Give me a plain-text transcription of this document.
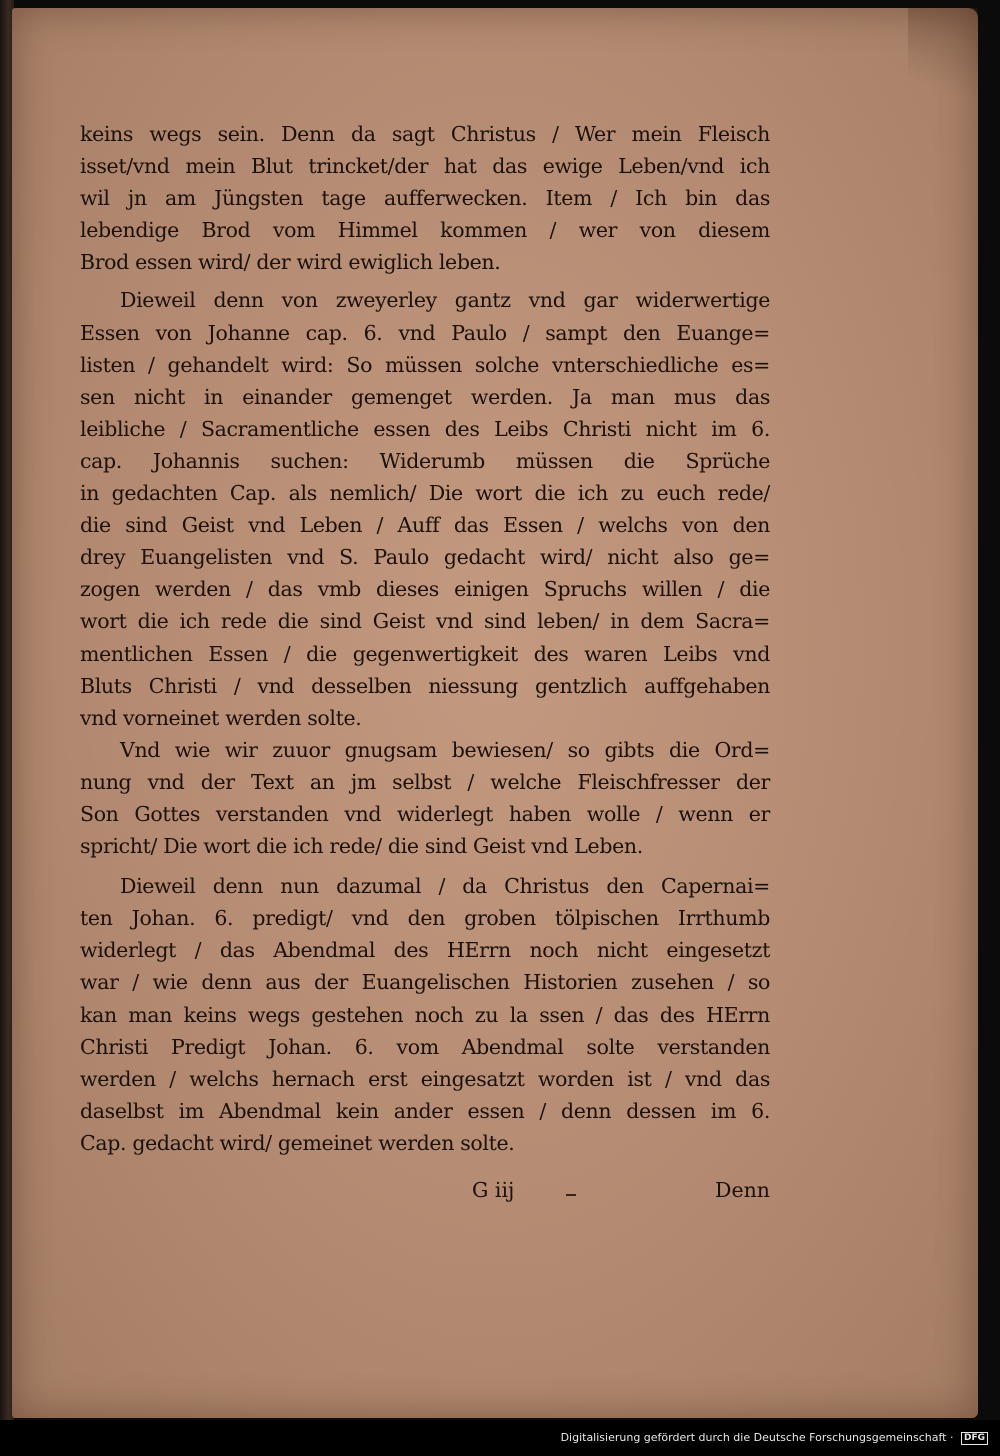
keins wegs sein. Denn da sagt Christus / Wer mein Fleisch
isset/vnd mein Blut trincket/der hat das ewige Leben/vnd ich
wil jn am Jüngsten tage aufferwecken. Item / Ich bin das
lebendige Brod vom Himmel kommen / wer von diesem
Brod essen wird/ der wird ewiglich leben.
Dieweil denn von zweyerley gantz vnd gar widerwertige
Essen von Johanne cap. 6. vnd Paulo / sampt den Euange=
listen / gehandelt wird: So müssen solche vnterschiedliche es=
sen nicht in einander gemenget werden. Ja man mus das
leibliche / Sacramentliche essen des Leibs Christi nicht im 6.
cap. Johannis suchen: Widerumb müssen die Sprüche
in gedachten Cap. als nemlich/ Die wort die ich zu euch rede/
die sind Geist vnd Leben / Auff das Essen / welchs von den
drey Euangelisten vnd S. Paulo gedacht wird/ nicht also ge=
zogen werden / das vmb dieses einigen Spruchs willen / die
wort die ich rede die sind Geist vnd sind leben/ in dem Sacra=
mentlichen Essen / die gegenwertigkeit des waren Leibs vnd
Bluts Christi / vnd desselben niessung gentzlich auffgehaben
vnd vorneinet werden solte.
Vnd wie wir zuuor gnugsam bewiesen/ so gibts die Ord=
nung vnd der Text an jm selbst / welche Fleischfresser der
Son Gottes verstanden vnd widerlegt haben wolle / wenn er
spricht/ Die wort die ich rede/ die sind Geist vnd Leben.
Dieweil denn nun dazumal / da Christus den Capernai=
ten Johan. 6. predigt/ vnd den groben tölpischen Irrthumb
widerlegt / das Abendmal des HErrn noch nicht eingesetzt
war / wie denn aus der Euangelischen Historien zusehen / so
kan man keins wegs gestehen noch zu la ssen / das des HErrn
Christi Predigt Johan. 6. vom Abendmal solte verstanden
werden / welchs hernach erst eingesatzt worden ist / vnd das
daselbst im Abendmal kein ander essen / denn dessen im 6.
Cap. gedacht wird/ gemeinet werden solte.
G iij	Denn
Digitalisierung gefördert durch die Deutsche Forschungsgemeinschaft · DFG
